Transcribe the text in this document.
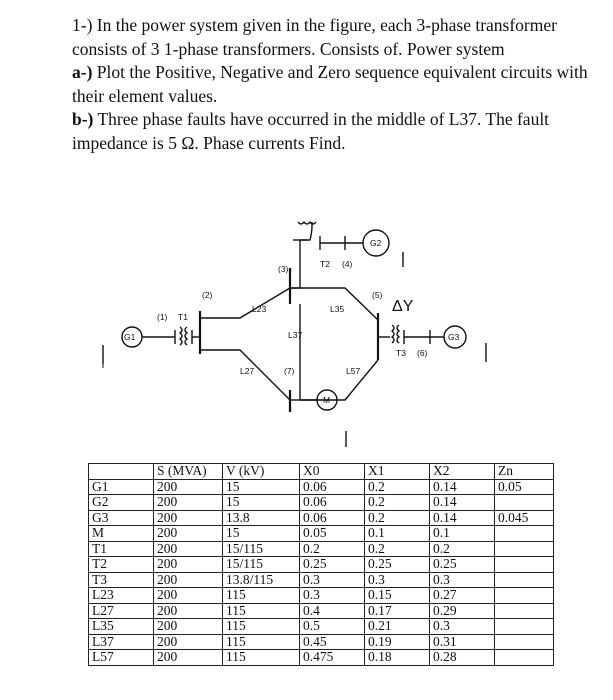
1-) In the power system given in the figure, each 3-phase transformer consists of 3 1-phase transformers. Consists of. Power system

a-) Plot the Positive, Negative and Zero sequence equivalent circuits with their element values.

b-) Three phase faults have occurred in the middle of L37. The fault impedance is 5 Ω. Phase currents Find.

G1
G2
G3
M
T1
T2 (4)
T3 (6)
(1)
(2)
(3)
(5)
(7)
L23
L27
L35
L37
L57
ΔY
	S (MVA)	V (kV)	X0	X1	X2	Zn
G1	200	15	0.06	0.2	0.14	0.05
G2	200	15	0.06	0.2	0.14	
G3	200	13.8	0.06	0.2	0.14	0.045
M	200	15	0.05	0.1	0.1	
T1	200	15/115	0.2	0.2	0.2	
T2	200	15/115	0.25	0.25	0.25	
T3	200	13.8/115	0.3	0.3	0.3	
L23	200	115	0.3	0.15	0.27	
L27	200	115	0.4	0.17	0.29	
L35	200	115	0.5	0.21	0.3	
L37	200	115	0.45	0.19	0.31	
L57	200	115	0.475	0.18	0.28	
